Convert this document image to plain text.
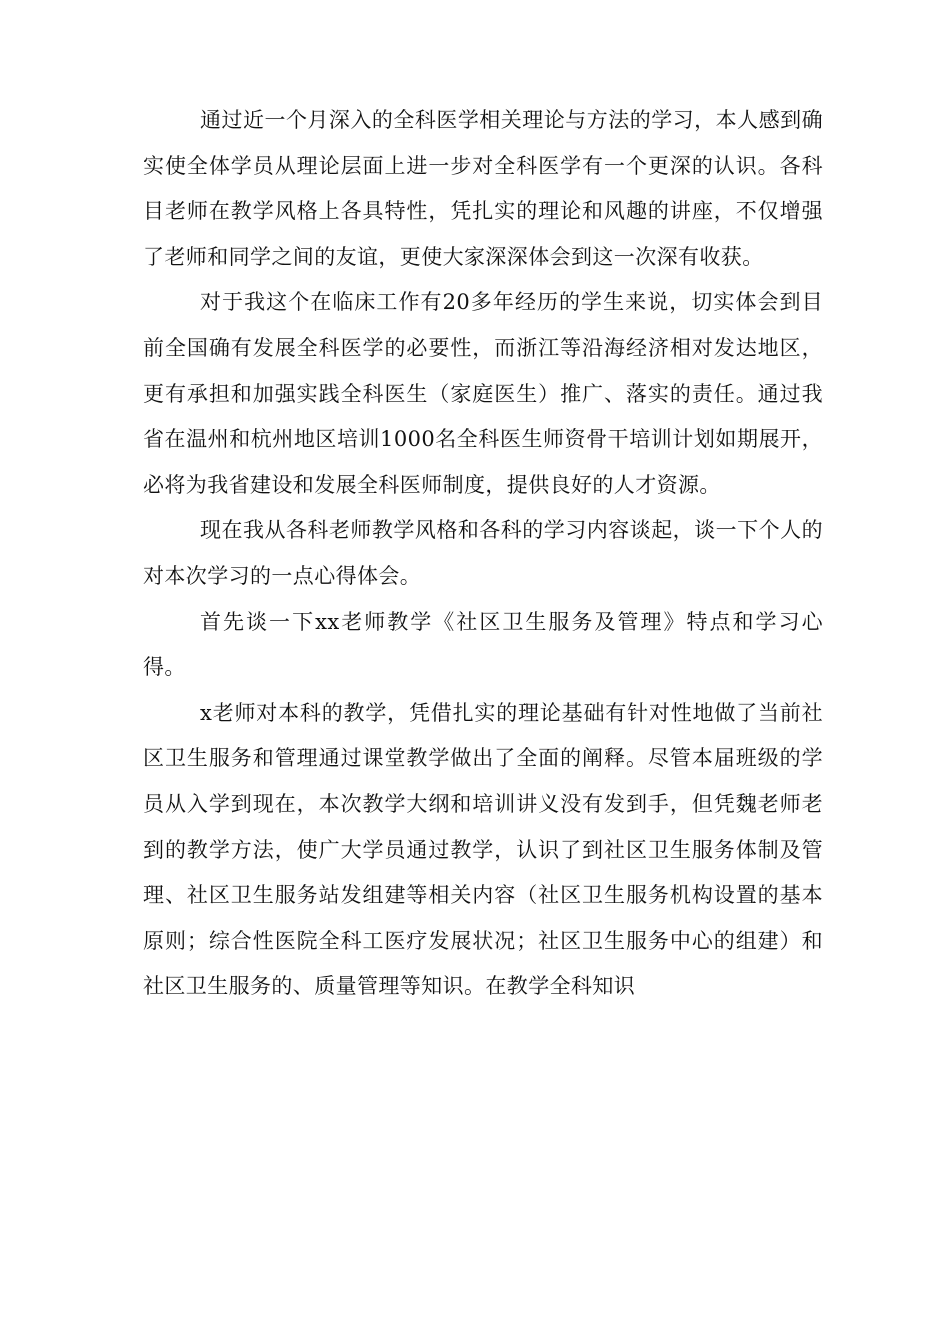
通过近一个月深入的全科医学相关理论与方法的学习，本人感到确实使全体学员从理论层面上进一步对全科医学有一个更深的认识。各科目老师在教学风格上各具特性，凭扎实的理论和风趣的讲座，不仅增强了老师和同学之间的友谊，更使大家深深体会到这一次深有收获。

对于我这个在临床工作有20多年经历的学生来说，切实体会到目前全国确有发展全科医学的必要性，而浙江等沿海经济相对发达地区，更有承担和加强实践全科医生（家庭医生）推广、落实的责任。通过我省在温州和杭州地区培训1000名全科医生师资骨干培训计划如期展开，必将为我省建设和发展全科医师制度，提供良好的人才资源。

现在我从各科老师教学风格和各科的学习内容谈起，谈一下个人的对本次学习的一点心得体会。

首先谈一下xx老师教学《社区卫生服务及管理》特点和学习心得。

x老师对本科的教学，凭借扎实的理论基础有针对性地做了当前社区卫生服务和管理通过课堂教学做出了全面的阐释。尽管本届班级的学员从入学到现在，本次教学大纲和培训讲义没有发到手，但凭魏老师老到的教学方法，使广大学员通过教学，认识了到社区卫生服务体制及管理、社区卫生服务站发组建等相关内容（社区卫生服务机构设置的基本原则；综合性医院全科工医疗发展状况；社区卫生服务中心的组建）和社区卫生服务的、质量管理等知识。在教学全科知识
